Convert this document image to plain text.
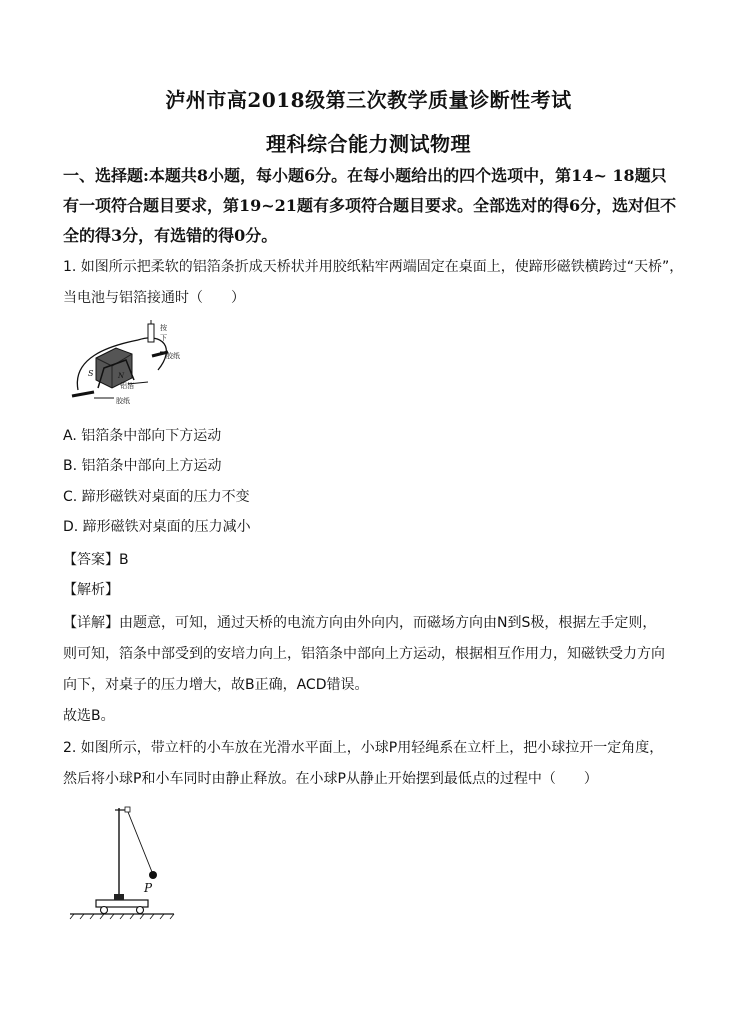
泸州市高2018级第三次教学质量诊断性考试
理科综合能力测试物理
一、选择题:本题共8小题，每小题6分。在每小题给出的四个选项中，第14~ 18题只
有一项符合题目要求，第19~21题有多项符合题目要求。全部选对的得6分，选对但不
全的得3分，有选错的得0分。
1. 如图所示把柔软的铝箔条折成天桥状并用胶纸粘牢两端固定在桌面上，使蹄形磁铁横跨过“天桥”，
当电池与铝箔接通时（　　）
按
下
胶纸
S	N
铝箔
胶纸
A. 铝箔条中部向下方运动
B. 铝箔条中部向上方运动
C. 蹄形磁铁对桌面的压力不变
D. 蹄形磁铁对桌面的压力减小
【答案】B
【解析】
【详解】由题意，可知，通过天桥的电流方向由外向内，而磁场方向由N到S极，根据左手定则，
则可知，箔条中部受到的安培力向上，铝箔条中部向上方运动，根据相互作用力，知磁铁受力方向
向下，对桌子的压力增大，故B正确，ACD错误。
故选B。
2. 如图所示，带立杆的小车放在光滑水平面上，小球P用轻绳系在立杆上，把小球拉开一定角度，
然后将小球P和小车同时由静止释放。在小球P从静止开始摆到最低点的过程中（　　）
P
